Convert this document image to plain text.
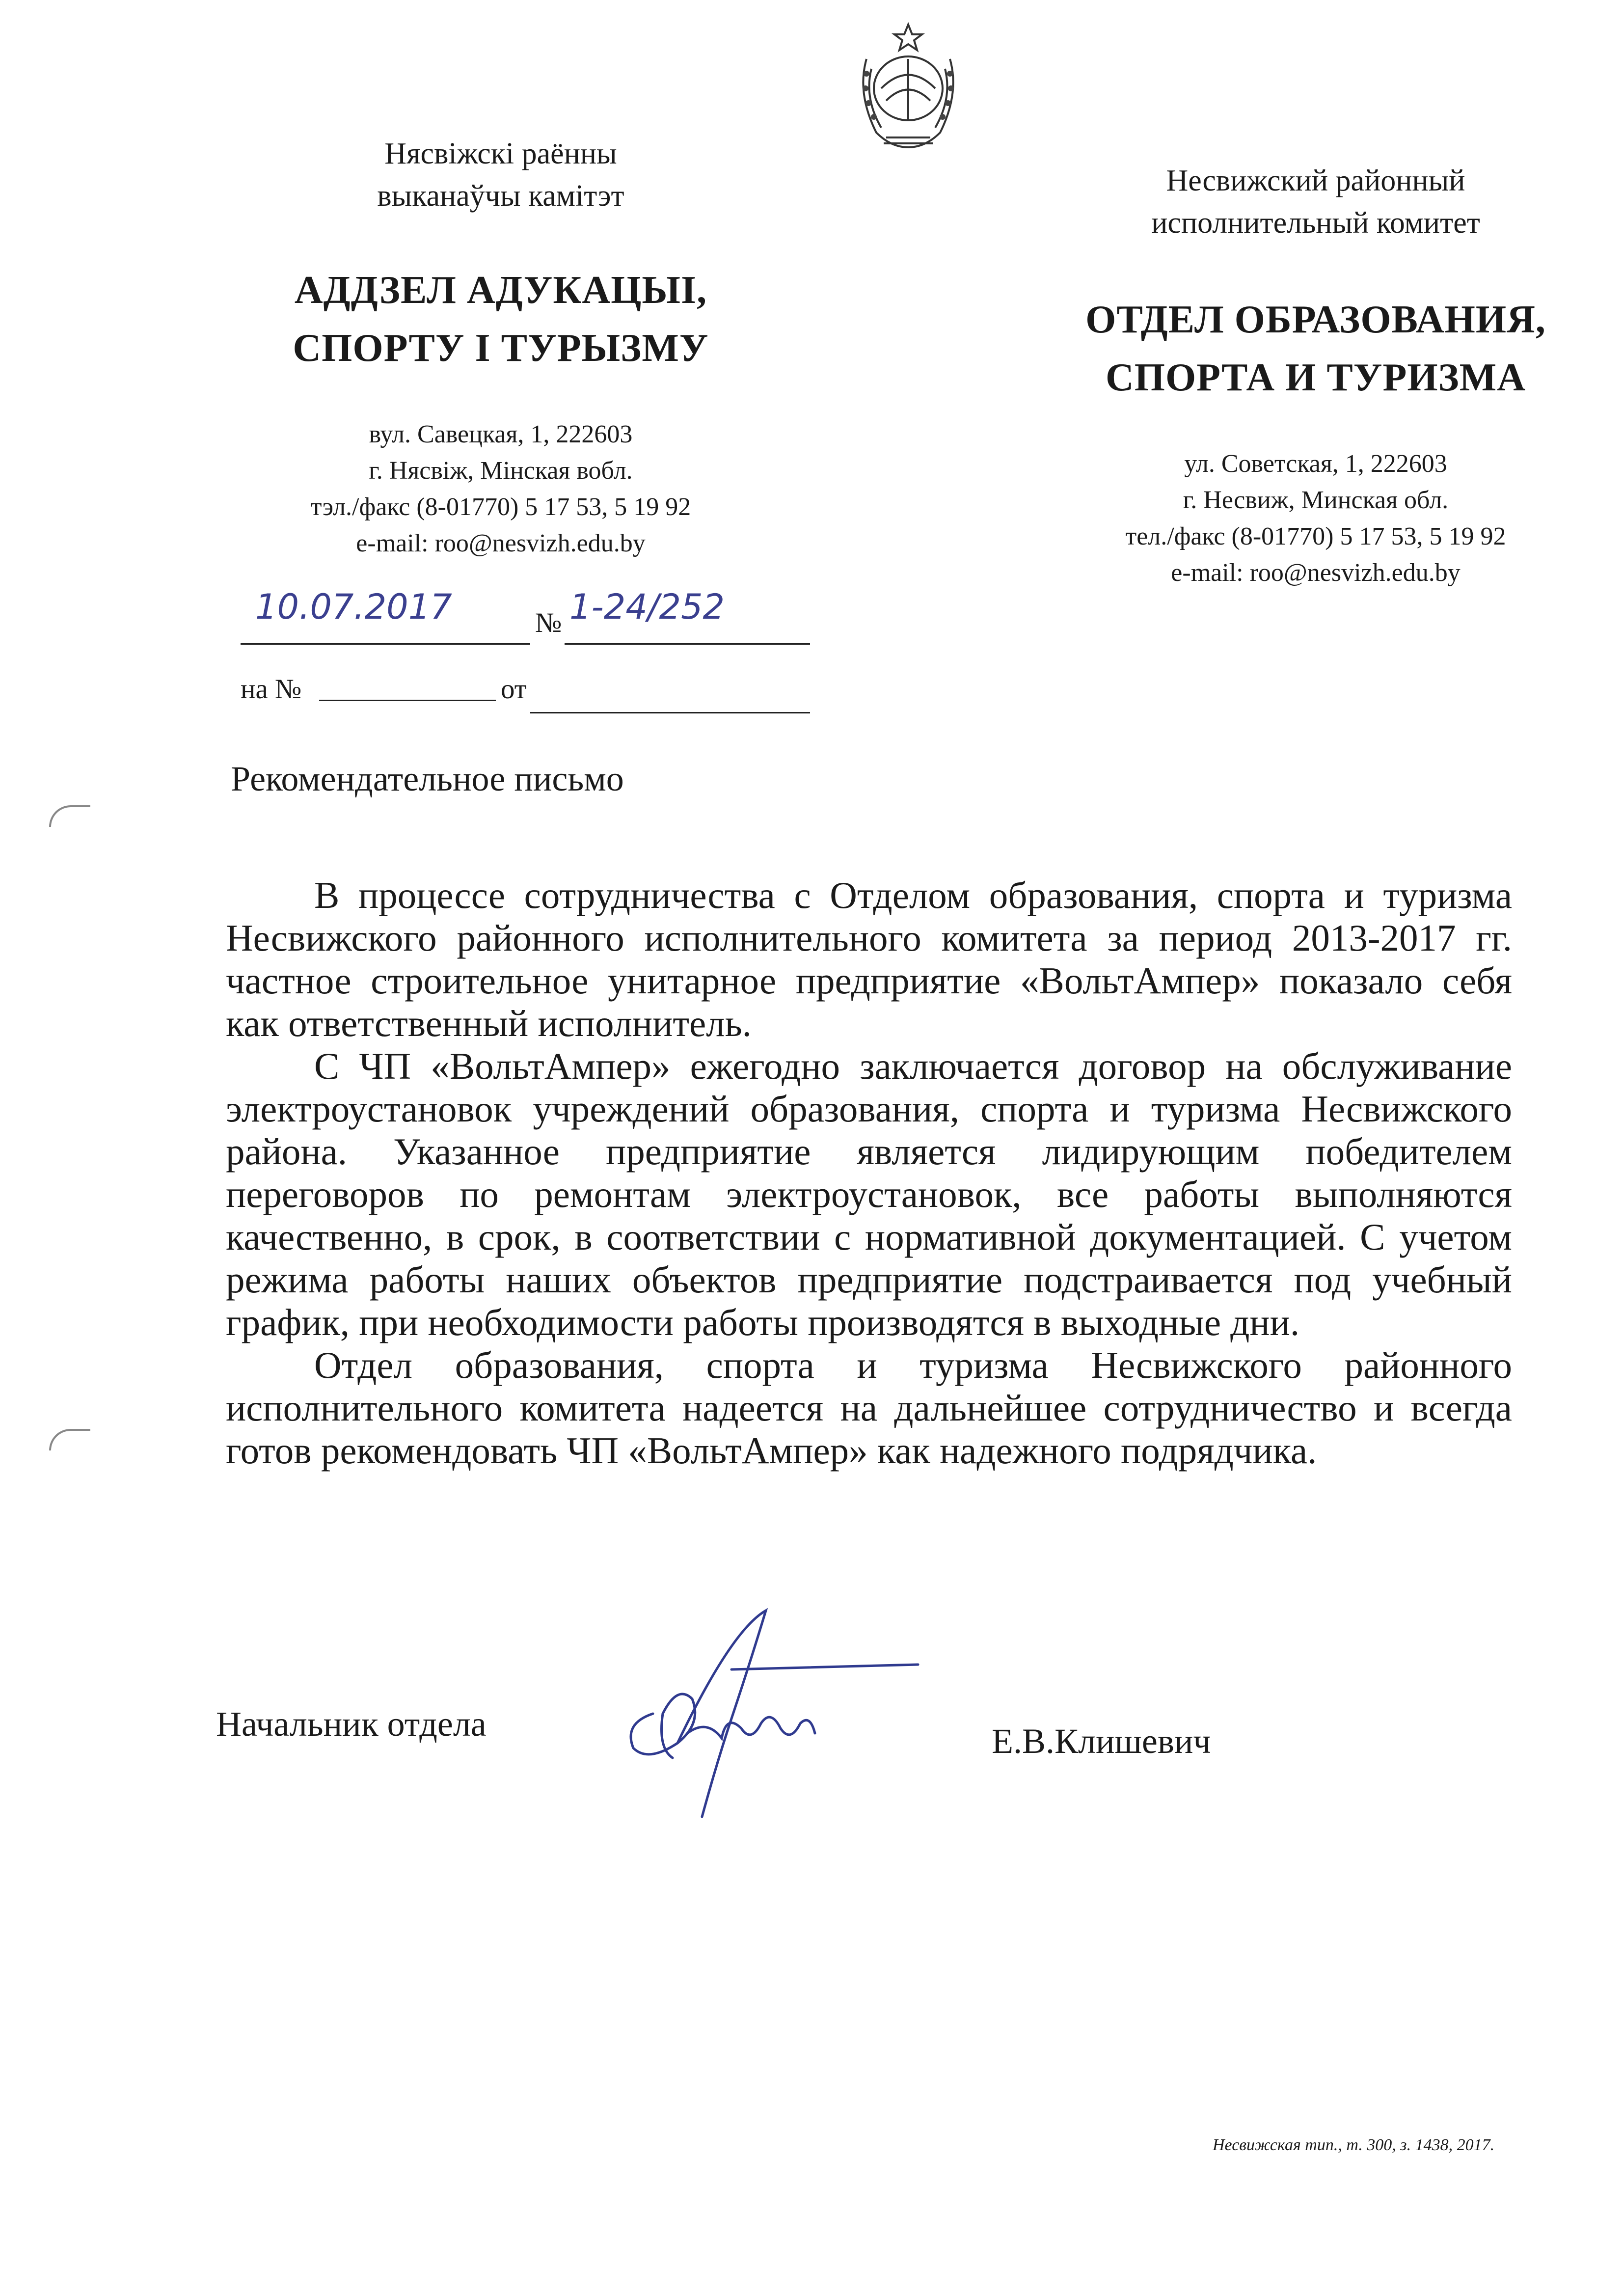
Нясвіжскі раённы
выканаўчы камітэт
АДДЗЕЛ АДУКАЦЫІ,
СПОРТУ І ТУРЫЗМУ
вул. Савецкая, 1, 222603
г. Нясвіж, Мінская вобл.
тэл./факс (8-01770) 5 17 53, 5 19 92
e-mail: roo@nesvizh.edu.by
Несвижский районный
исполнительный комитет
ОТДЕЛ ОБРАЗОВАНИЯ,
СПОРТА И ТУРИЗМА
ул. Советская, 1, 222603
г. Несвиж, Минская обл.
тел./факс (8-01770) 5 17 53, 5 19 92
e-mail: roo@nesvizh.edu.by
10.07.2017	№ 1-24/252
на №	от
Рекомендательное письмо

В процессе сотрудничества с Отделом образования, спорта и туризма Несвижского районного исполнительного комитета за период 2013-2017 гг. частное строительное унитарное предприятие «ВольтАмпер» показало себя как ответственный исполнитель.

С ЧП «ВольтАмпер» ежегодно заключается договор на обслуживание электроустановок учреждений образования, спорта и туризма Несвижского района. Указанное предприятие является лидирующим победителем переговоров по ремонтам электроустановок, все работы выполняются качественно, в срок, в соответствии с нормативной документацией. С учетом режима работы наших объектов предприятие подстраивается под учебный график, при необходимости работы производятся в выходные дни.

Отдел образования, спорта и туризма Несвижского районного исполнительного комитета надеется на дальнейшее сотрудничество и всегда готов рекомендовать ЧП «ВольтАмпер» как надежного подрядчика.

Начальник отдела	Е.В.Клишевич
Несвижская тип., т. 300, з. 1438, 2017.
